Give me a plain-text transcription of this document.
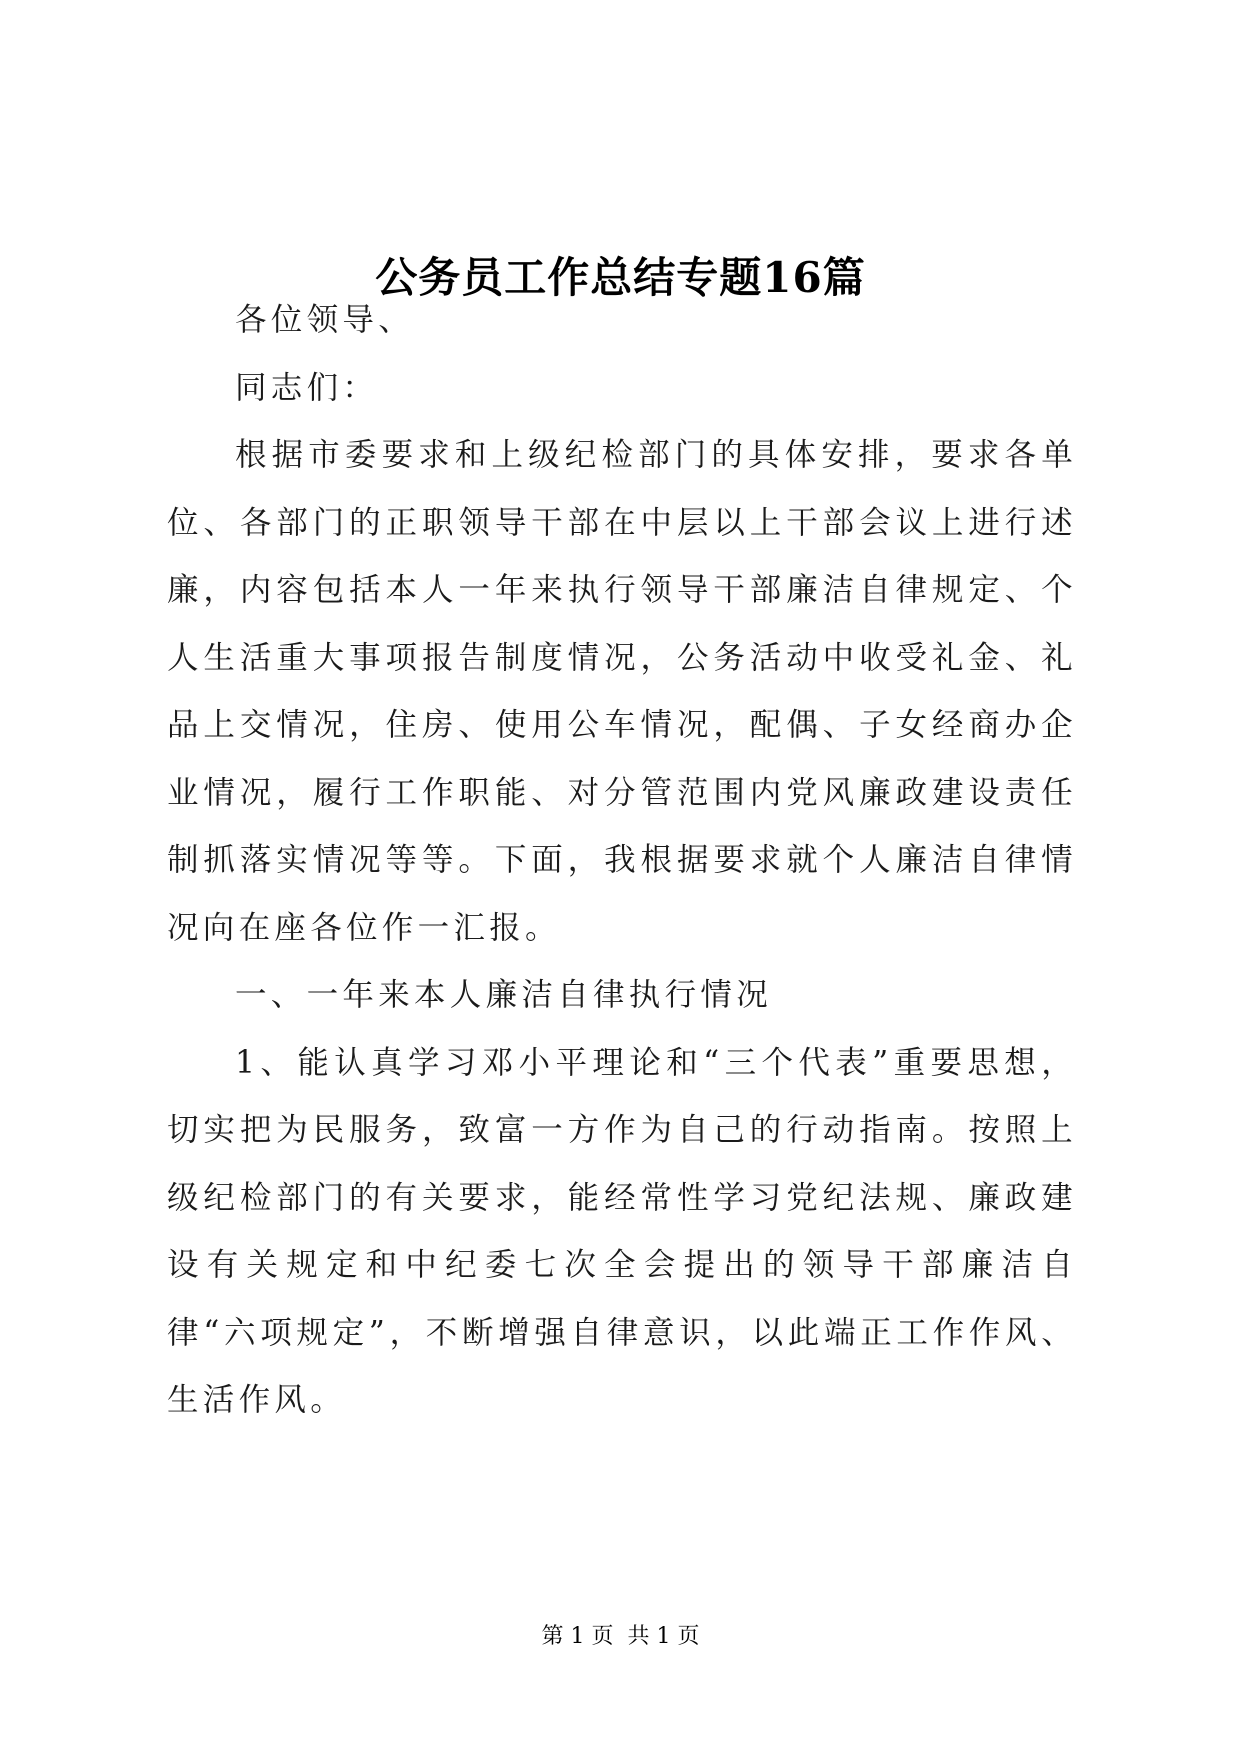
公务员工作总结专题16篇

各位领导、

同志们：

根据市委要求和上级纪检部门的具体安排，要求各单位、各部门的正职领导干部在中层以上干部会议上进行述廉，内容包括本人一年来执行领导干部廉洁自律规定、个人生活重大事项报告制度情况，公务活动中收受礼金、礼品上交情况，住房、使用公车情况，配偶、子女经商办企业情况，履行工作职能、对分管范围内党风廉政建设责任制抓落实情况等等。下面，我根据要求就个人廉洁自律情况向在座各位作一汇报。

一、一年来本人廉洁自律执行情况

1、能认真学习邓小平理论和“三个代表”重要思想，切实把为民服务，致富一方作为自己的行动指南。按照上级纪检部门的有关要求，能经常性学习党纪法规、廉政建设有关规定和中纪委七次全会提出的领导干部廉洁自律“六项规定”，不断增强自律意识，以此端正工作作风、生活作风。

第 1 页  共 1 页
